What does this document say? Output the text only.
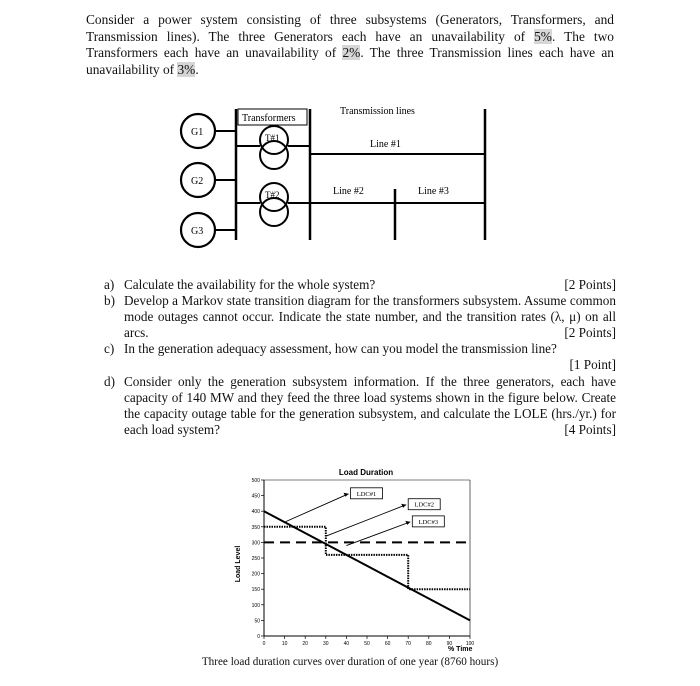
Consider a power system consisting of three subsystems (Generators, Transformers, and Transmission lines). The three Generators each have an unavailability of 5%. The two Transformers each have an unavailability of 2%. The three Transmission lines each have an unavailability of 3%.

Transformers
Transmission lines
G1
G2
G3
T#1
T#2
Line #1
Line #2	Line #3
a)	[2 Points]
Calculate the availability for the whole system?
b) Develop a Markov state transition diagram for the transformers subsystem. Assume common mode outages cannot occur. Indicate the state number, and the transition rates (λ, μ) on all arcs.	[2 Points]
c) In the generation adequacy assessment, how can you model the transmission line?
[1 Point]
d) Consider only the generation subsystem information. If the three generators, each have capacity of 140 MW and they feed the three load systems shown in the figure below. Create the capacity outage table for the generation subsystem, and calculate the LOLE (hrs./yr.) for each load system?	[4 Points]
Load Duration
Load Level
% Time
0
50
100
150
200
250
300
350
400
450
500
0	10	20	30	40	50	60	70	80	90	100
LDC#1
LDC#2
LDC#3
Three load duration curves over duration of one year (8760 hours)
